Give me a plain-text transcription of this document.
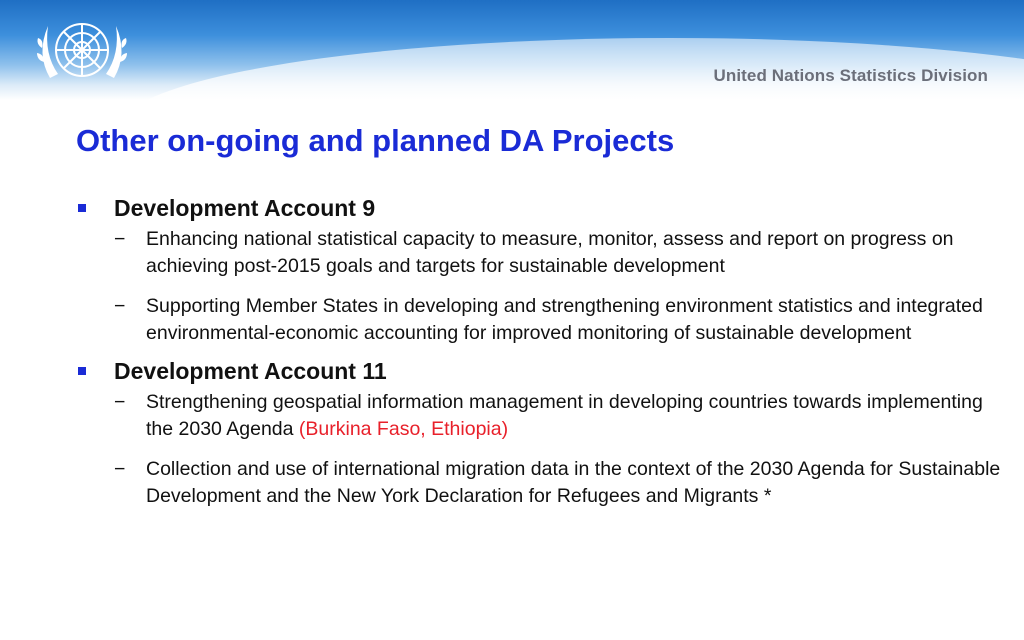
United Nations Statistics Division
Other on-going and planned DA Projects
Development Account 9
− Enhancing national statistical capacity to measure, monitor, assess and report on progress on achieving post-2015 goals and targets for sustainable development
− Supporting Member States in developing and strengthening environment statistics and integrated environmental-economic accounting for improved monitoring of sustainable development
Development Account 11
− Strengthening geospatial information management in developing countries towards implementing the 2030 Agenda (Burkina Faso, Ethiopia)
− Collection and use of international migration data in the context of the 2030 Agenda for Sustainable Development and the New York Declaration for Refugees and Migrants *
